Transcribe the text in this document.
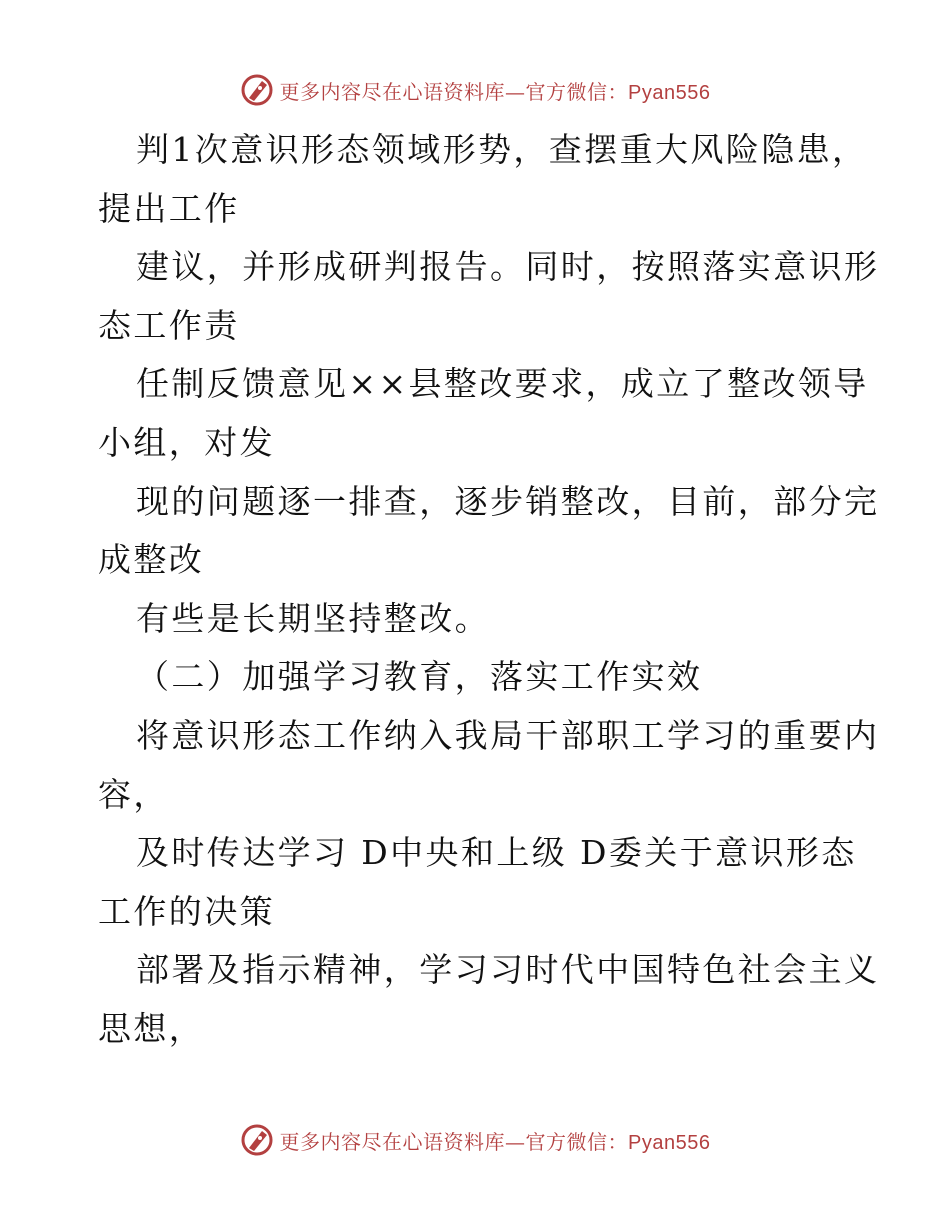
更多内容尽在心语资料库—官方微信：Pyan556
判1次意识形态领域形势，查摆重大风险隐患，
提出工作
建议，并形成研判报告。同时，按照落实意识形
态工作责
任制反馈意见××县整改要求，成立了整改领导
小组，对发
现的问题逐一排查，逐步销整改，目前，部分完
成整改
有些是长期坚持整改。
（二）加强学习教育，落实工作实效
将意识形态工作纳入我局干部职工学习的重要内
容，
及时传达学习 D中央和上级 D委关于意识形态
工作的决策
部署及指示精神，学习习时代中国特色社会主义
思想，
更多内容尽在心语资料库—官方微信：Pyan556
